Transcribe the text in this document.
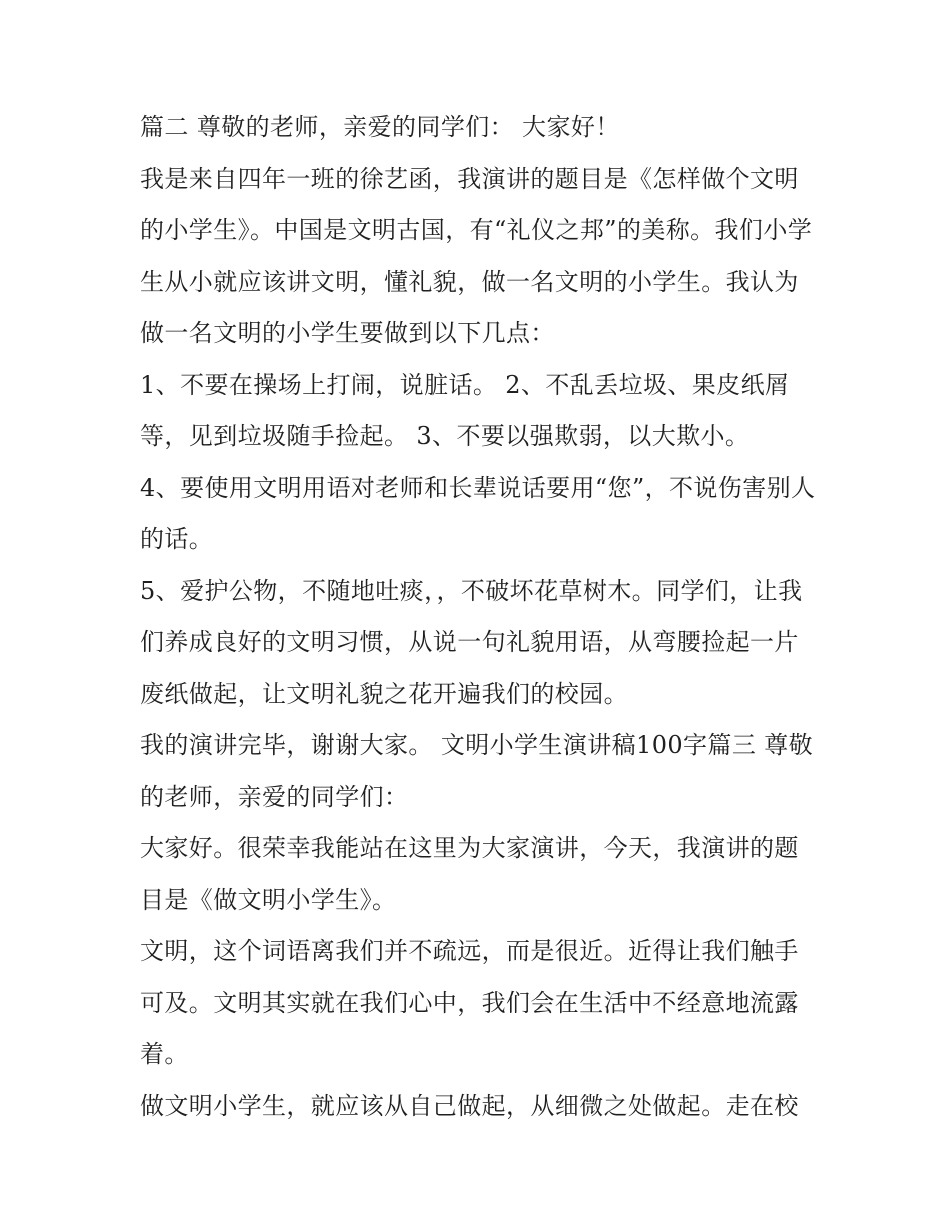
篇二 尊敬的老师，亲爱的同学们： 大家好！

我是来自四年一班的徐艺函，我演讲的题目是《怎样做个文明的小学生》。中国是文明古国，有“礼仪之邦”的美称。我们小学生从小就应该讲文明，懂礼貌，做一名文明的小学生。我认为做一名文明的小学生要做到以下几点：

1、不要在操场上打闹，说脏话。 2、不乱丢垃圾、果皮纸屑等，见到垃圾随手捡起。 3、不要以强欺弱，以大欺小。

4、要使用文明用语对老师和长辈说话要用“您”，不说伤害别人的话。

5、爱护公物，不随地吐痰，，不破坏花草树木。同学们，让我们养成良好的文明习惯，从说一句礼貌用语，从弯腰捡起一片废纸做起，让文明礼貌之花开遍我们的校园。

我的演讲完毕，谢谢大家。 文明小学生演讲稿100字篇三 尊敬的老师，亲爱的同学们：

大家好。很荣幸我能站在这里为大家演讲，今天，我演讲的题目是《做文明小学生》。

文明，这个词语离我们并不疏远，而是很近。近得让我们触手可及。文明其实就在我们心中，我们会在生活中不经意地流露着。

做文明小学生，就应该从自己做起，从细微之处做起。走在校
